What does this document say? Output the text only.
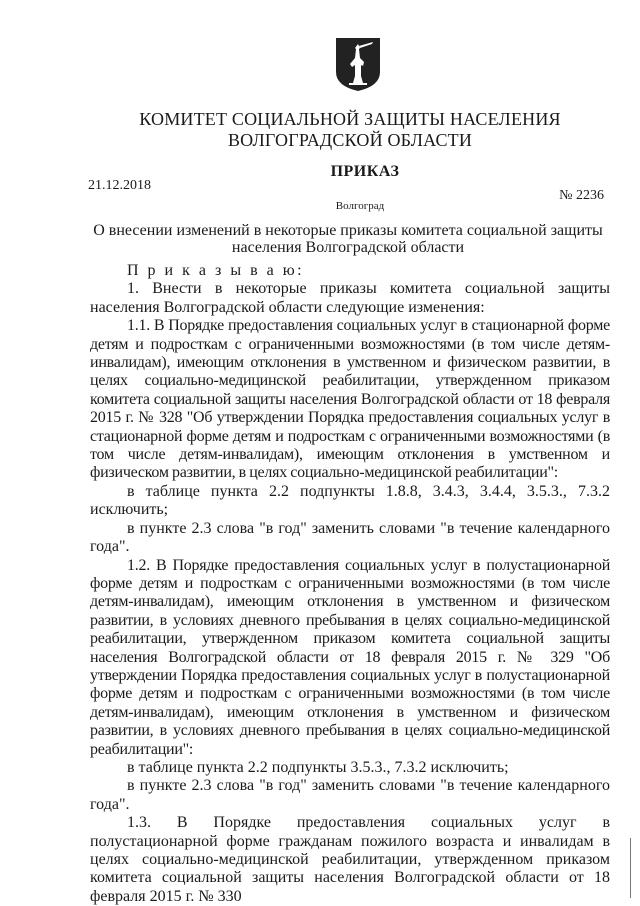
КОМИТЕТ СОЦИАЛЬНОЙ ЗАЩИТЫ НАСЕЛЕНИЯ
ВОЛГОГРАДСКОЙ ОБЛАСТИ
ПРИКАЗ
21.12.2018
№ 2236
Волгоград
О внесении изменений в некоторые приказы комитета социальной защиты населения Волгоградской области

П р и к а з ы в а ю:

1. Внести в некоторые приказы комитета социальной защиты населения Волгоградской области следующие изменения:

1.1. В Порядке предоставления социальных услуг в стационарной форме детям и подросткам с ограниченными возможностями (в том числе детям-инвалидам), имеющим отклонения в умственном и физическом развитии, в целях социально-медицинской реабилитации, утвержденном приказом комитета социальной защиты населения Волгоградской области от 18 февраля 2015 г. № 328 "Об утверждении Порядка предоставления социальных услуг в стационарной форме детям и подросткам с ограниченными возможностями (в том числе детям-инвалидам), имеющим отклонения в умственном и физическом развитии, в целях социально-медицинской реабилитации":

в таблице пункта 2.2 подпункты 1.8.8, 3.4.3, 3.4.4, 3.5.3., 7.3.2 исключить;

в пункте 2.3 слова "в год" заменить словами "в течение календарного года".

1.2. В Порядке предоставления социальных услуг в полустационарной форме детям и подросткам с ограниченными возможностями (в том числе детям-инвалидам), имеющим отклонения в умственном и физическом развитии, в условиях дневного пребывания в целях социально-медицинской реабилитации, утвержденном приказом комитета социальной защиты населения Волгоградской области от 18 февраля 2015 г. № 329 "Об утверждении Порядка предоставления социальных услуг в полустационарной форме детям и подросткам с ограниченными возможностями (в том числе детям-инвалидам), имеющим отклонения в умственном и физическом развитии, в условиях дневного пребывания в целях социально-медицинской реабилитации":

в таблице пункта 2.2 подпункты 3.5.3., 7.3.2 исключить;

в пункте 2.3 слова "в год" заменить словами "в течение календарного года".

1.3. В Порядке предоставления социальных услуг в полустационарной форме гражданам пожилого возраста и инвалидам в целях социально-медицинской реабилитации, утвержденном приказом комитета социальной защиты населения Волгоградской области от 18 февраля 2015 г. № 330
